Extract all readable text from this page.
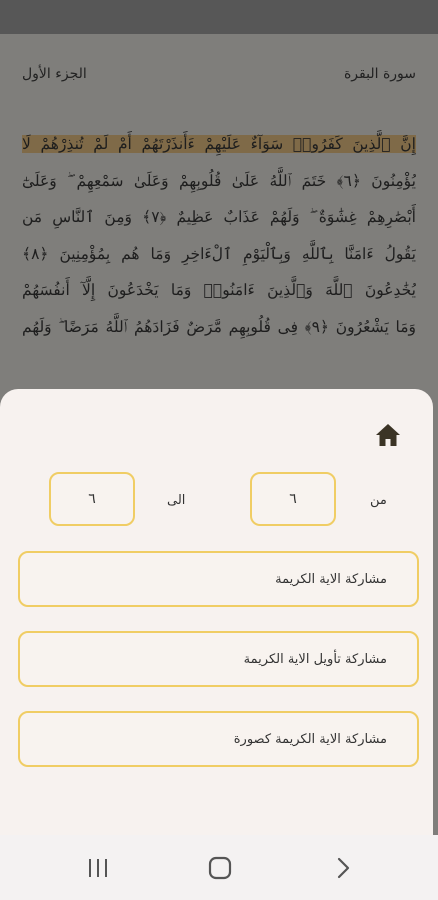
سورة البقرة
الجزء الأول
إِنَّ ٱلَّذِينَ كَفَرُوا۟ سَوَآءٌ عَلَيْهِمْ ءَأَنذَرْتَهُمْ أَمْ لَمْ تُنذِرْهُمْ لَا
يُؤْمِنُونَ ﴿٦﴾ خَتَمَ ٱللَّهُ عَلَىٰ قُلُوبِهِمْ وَعَلَىٰ سَمْعِهِمْ ۖ وَعَلَىٰٓ
أَبْصَٰرِهِمْ غِشَٰوَةٌ ۖ وَلَهُمْ عَذَابٌ عَظِيمٌ ﴿٧﴾ وَمِنَ ٱلنَّاسِ مَن
يَقُولُ ءَامَنَّا بِٱللَّهِ وَبِٱلْيَوْمِ ٱلْءَاخِرِ وَمَا هُم بِمُؤْمِنِينَ ﴿٨﴾
يُخَٰدِعُونَ ٱللَّهَ وَٱلَّذِينَ ءَامَنُوا۟ وَمَا يَخْدَعُونَ إِلَّآ أَنفُسَهُمْ
وَمَا يَشْعُرُونَ ﴿٩﴾ فِى قُلُوبِهِم مَّرَضٌ فَزَادَهُمُ ٱللَّهُ مَرَضًا ۖ وَلَهُم
من
٦
الى
٦
مشاركة الاية الكريمة
مشاركة تأويل الاية الكريمة
مشاركة الاية الكريمة كصورة
